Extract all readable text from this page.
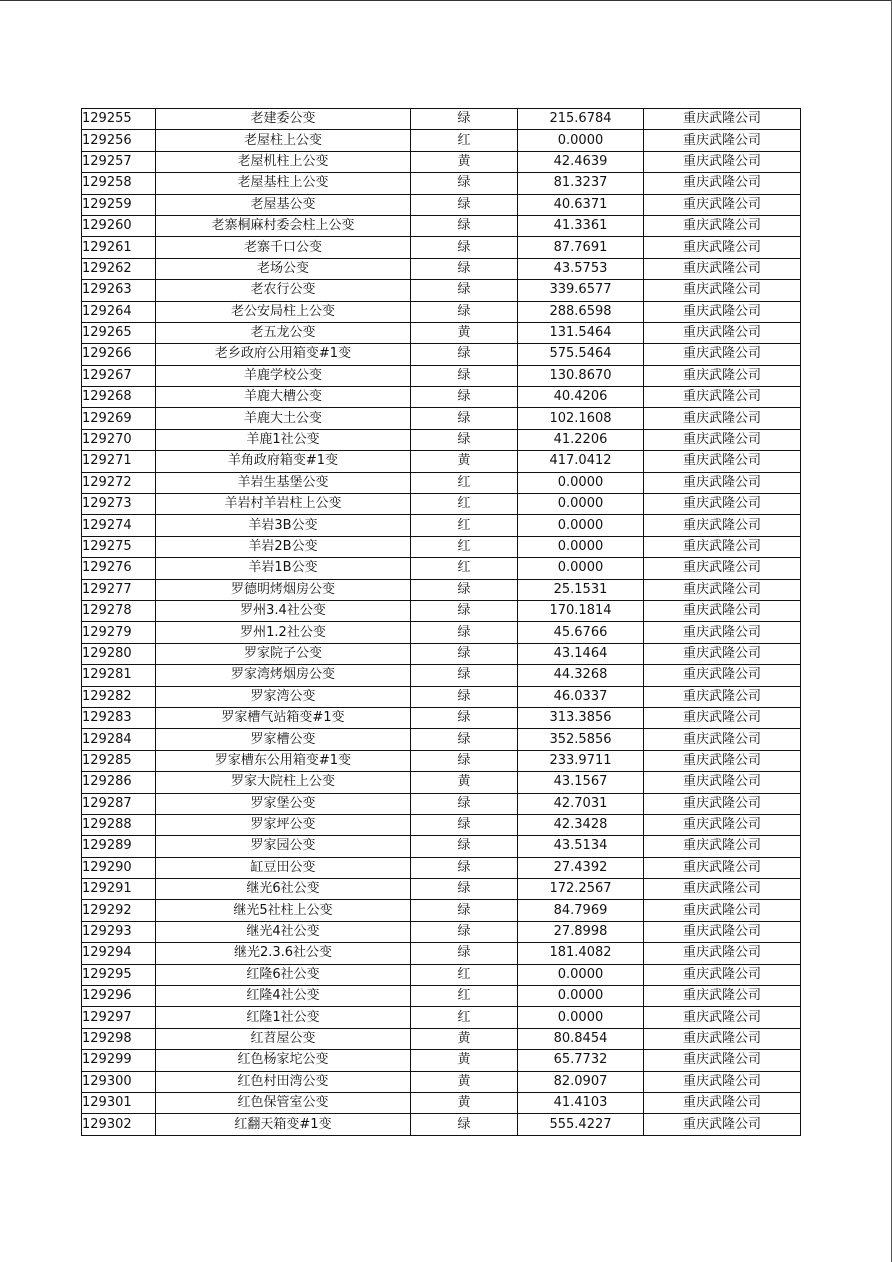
129255	老建委公变	绿	215.6784	重庆武隆公司
129256	老屋柱上公变	红	0.0000	重庆武隆公司
129257	老屋机柱上公变	黄	42.4639	重庆武隆公司
129258	老屋基柱上公变	绿	81.3237	重庆武隆公司
129259	老屋基公变	绿	40.6371	重庆武隆公司
129260	老寨桐麻村委会柱上公变	绿	41.3361	重庆武隆公司
129261	老寨千口公变	绿	87.7691	重庆武隆公司
129262	老场公变	绿	43.5753	重庆武隆公司
129263	老农行公变	绿	339.6577	重庆武隆公司
129264	老公安局柱上公变	绿	288.6598	重庆武隆公司
129265	老五龙公变	黄	131.5464	重庆武隆公司
129266	老乡政府公用箱变#1变	绿	575.5464	重庆武隆公司
129267	羊鹿学校公变	绿	130.8670	重庆武隆公司
129268	羊鹿大槽公变	绿	40.4206	重庆武隆公司
129269	羊鹿大土公变	绿	102.1608	重庆武隆公司
129270	羊鹿1社公变	绿	41.2206	重庆武隆公司
129271	羊角政府箱变#1变	黄	417.0412	重庆武隆公司
129272	羊岩生基堡公变	红	0.0000	重庆武隆公司
129273	羊岩村羊岩柱上公变	红	0.0000	重庆武隆公司
129274	羊岩3B公变	红	0.0000	重庆武隆公司
129275	羊岩2B公变	红	0.0000	重庆武隆公司
129276	羊岩1B公变	红	0.0000	重庆武隆公司
129277	罗德明烤烟房公变	绿	25.1531	重庆武隆公司
129278	罗州3.4社公变	绿	170.1814	重庆武隆公司
129279	罗州1.2社公变	绿	45.6766	重庆武隆公司
129280	罗家院子公变	绿	43.1464	重庆武隆公司
129281	罗家湾烤烟房公变	绿	44.3268	重庆武隆公司
129282	罗家湾公变	绿	46.0337	重庆武隆公司
129283	罗家槽气站箱变#1变	绿	313.3856	重庆武隆公司
129284	罗家槽公变	绿	352.5856	重庆武隆公司
129285	罗家槽东公用箱变#1变	绿	233.9711	重庆武隆公司
129286	罗家大院柱上公变	黄	43.1567	重庆武隆公司
129287	罗家堡公变	绿	42.7031	重庆武隆公司
129288	罗家坪公变	绿	42.3428	重庆武隆公司
129289	罗家园公变	绿	43.5134	重庆武隆公司
129290	缸豆田公变	绿	27.4392	重庆武隆公司
129291	继光6社公变	绿	172.2567	重庆武隆公司
129292	继光5社柱上公变	绿	84.7969	重庆武隆公司
129293	继光4社公变	绿	27.8998	重庆武隆公司
129294	继光2.3.6社公变	绿	181.4082	重庆武隆公司
129295	红隆6社公变	红	0.0000	重庆武隆公司
129296	红隆4社公变	红	0.0000	重庆武隆公司
129297	红隆1社公变	红	0.0000	重庆武隆公司
129298	红苕屋公变	黄	80.8454	重庆武隆公司
129299	红色杨家坨公变	黄	65.7732	重庆武隆公司
129300	红色村田湾公变	黄	82.0907	重庆武隆公司
129301	红色保管室公变	黄	41.4103	重庆武隆公司
129302	红翻天箱变#1变	绿	555.4227	重庆武隆公司
